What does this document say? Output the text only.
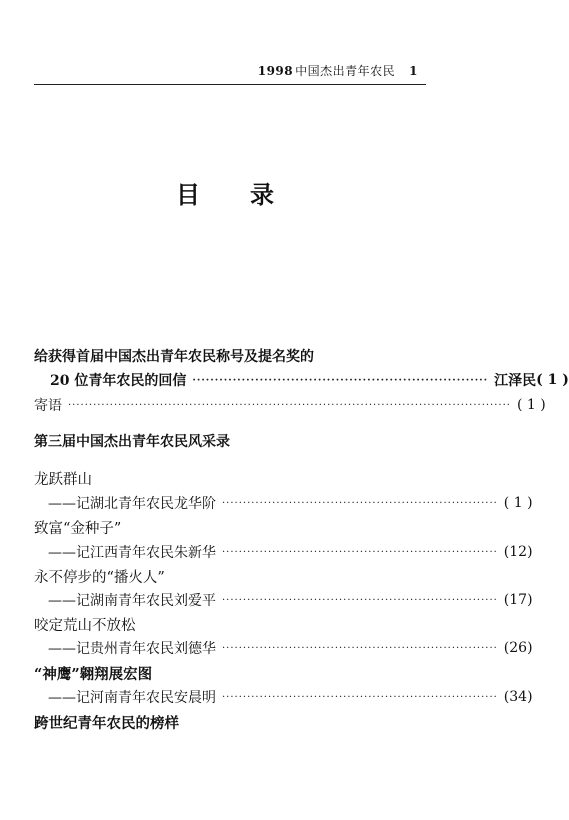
1998 中国杰出青年农民 1
目录
给获得首届中国杰出青年农民称号及提名奖的
20 位青年农民的回信 ·································································· 江泽民 ( 1 )
寄语 ·········································································································· ( 1 )
第三届中国杰出青年农民风采录
龙跃群山
——记湖北青年农民龙华阶 ·································································· ( 1 )
致富“金种子”
——记江西青年农民朱新华 ·································································· (12)
永不停步的“播火人”
——记湖南青年农民刘爱平 ·································································· (17)
咬定荒山不放松
——记贵州青年农民刘德华 ·································································· (26)
“神鹰”翱翔展宏图
——记河南青年农民安晨明 ·································································· (34)
跨世纪青年农民的榜样
